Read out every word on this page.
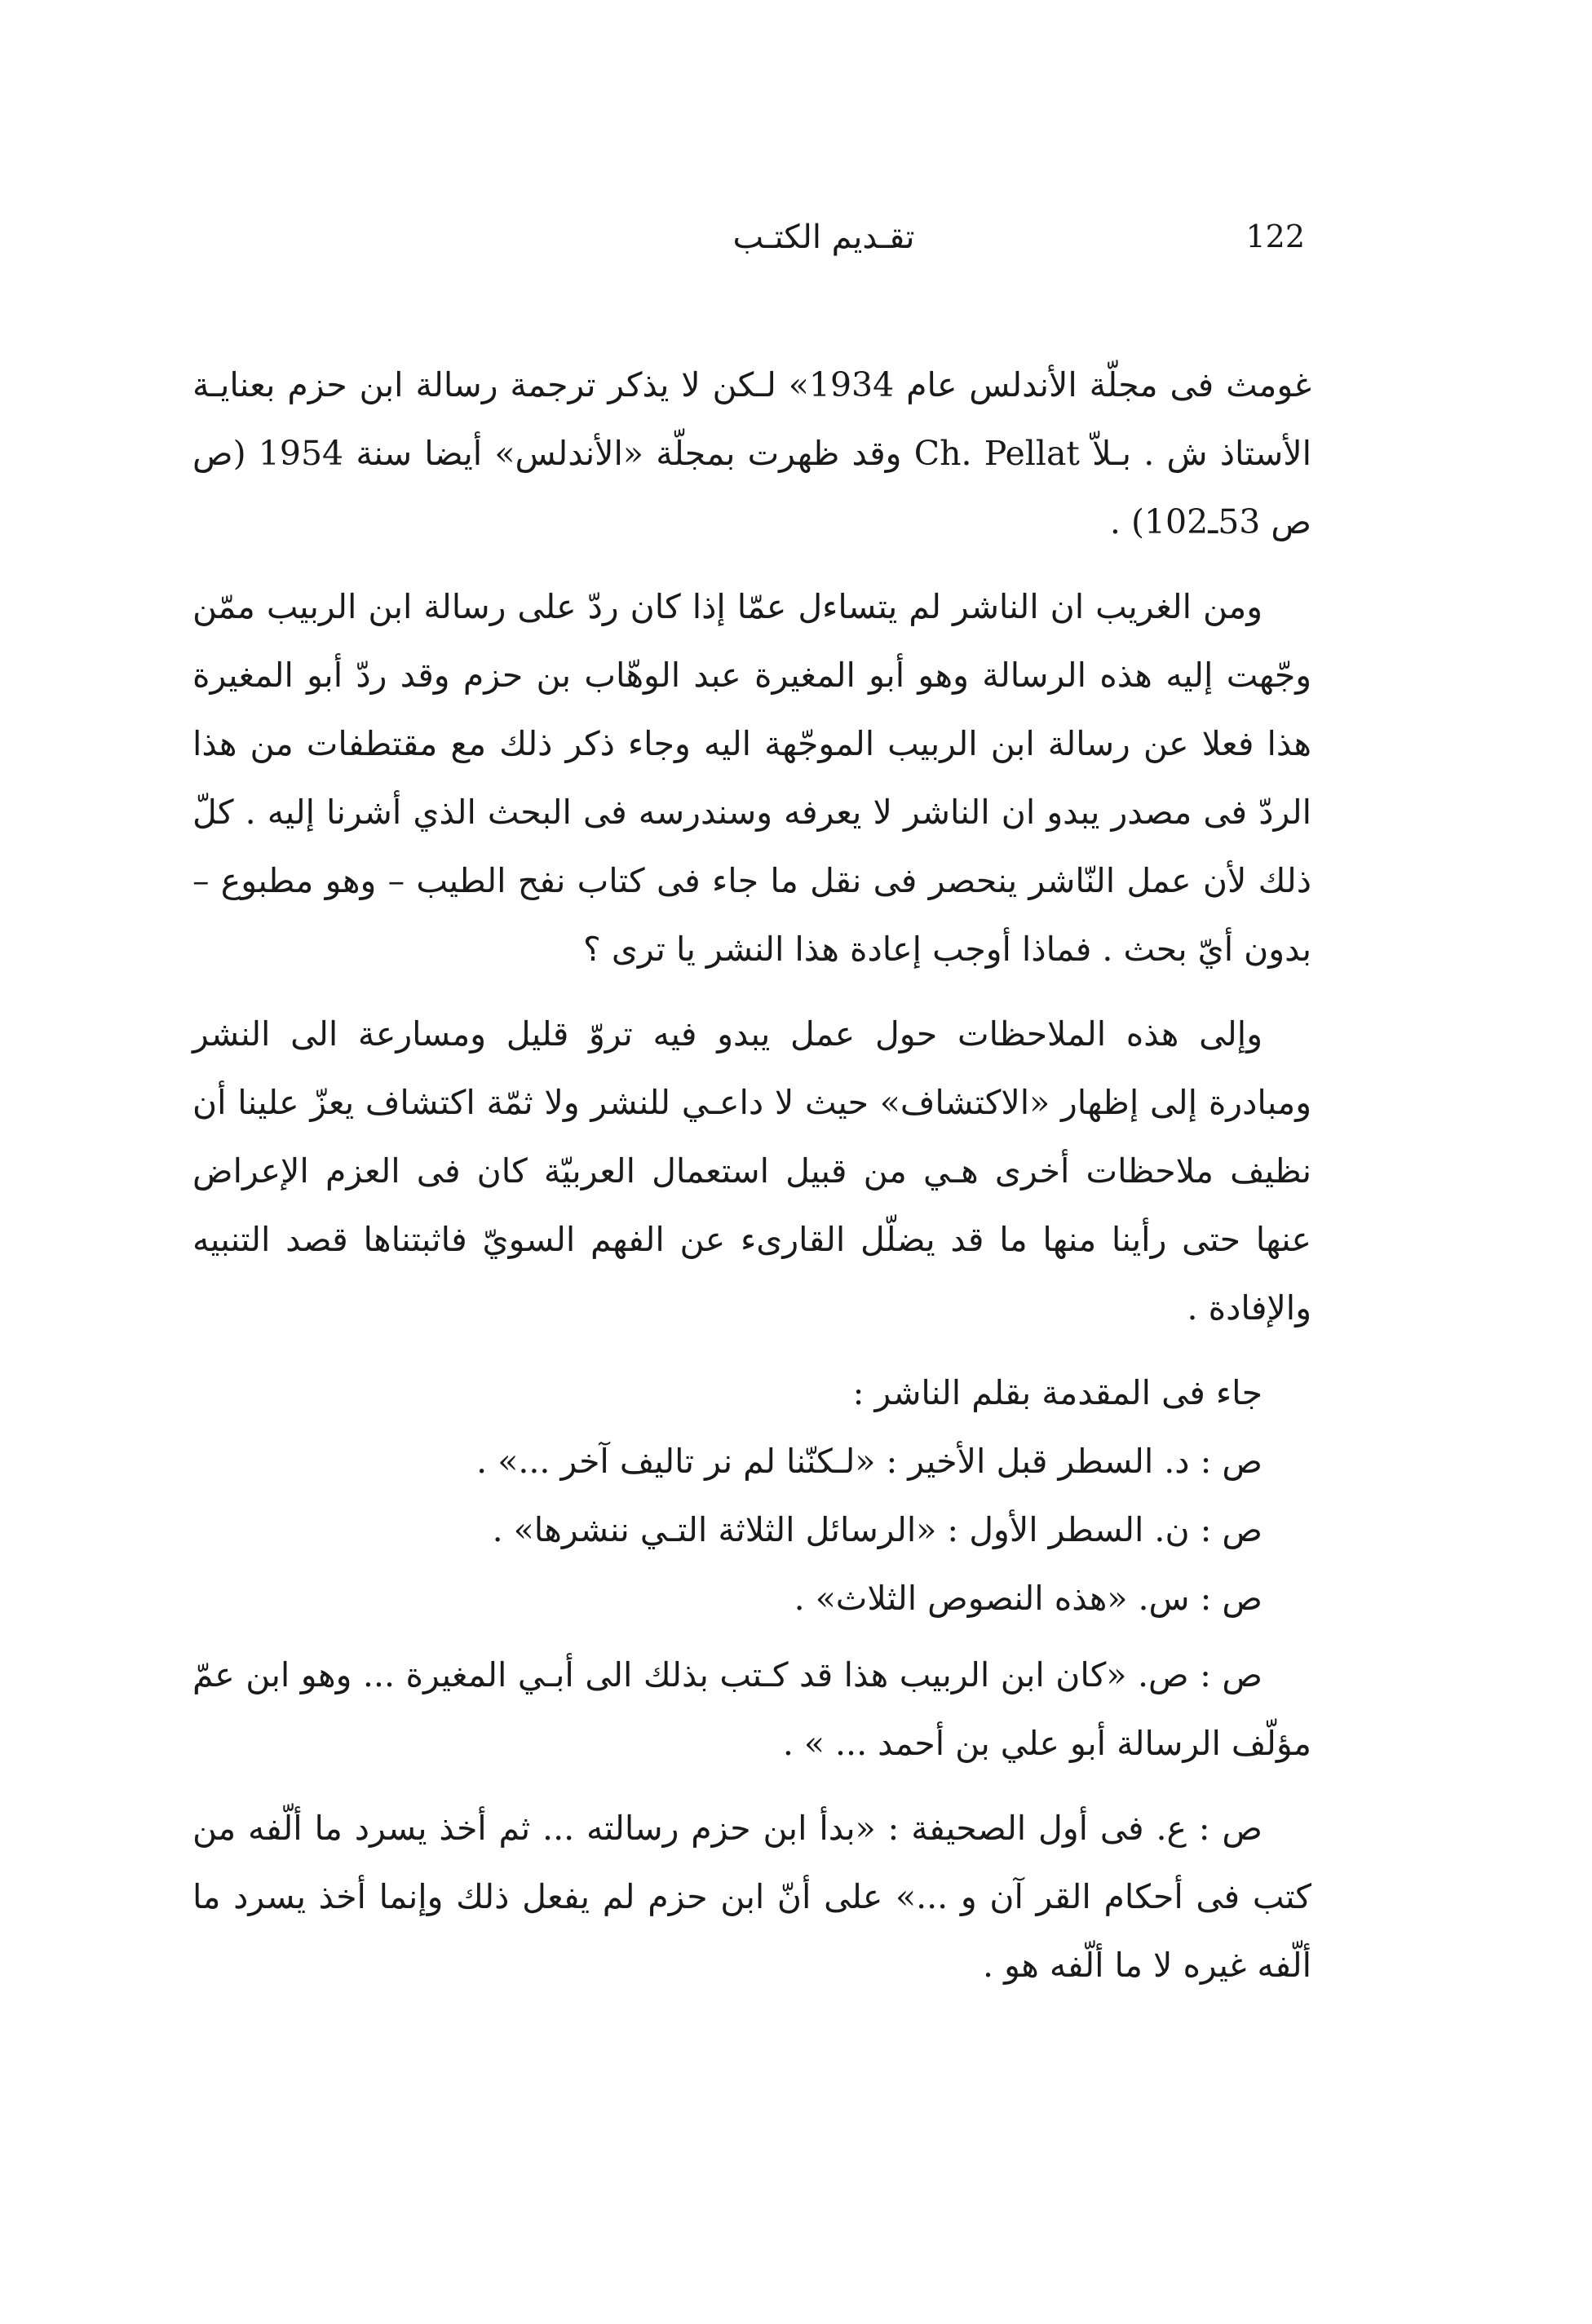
122
تقـديم الكتـب

غومث فى مجلّة الأندلس عام 1934» لـكن لا يذكر ترجمة رسالة ابن حزم بعنايـة الأستاذ ش . بـلاّ Ch. Pellat وقد ظهرت بمجلّة «الأندلس» أيضا سنة 1954 (ص ص 53ـ102) .

ومن الغريب ان الناشر لم يتساءل عمّا إذا كان ردّ على رسالة ابن الربيب ممّن وجّهت إليه هذه الرسالة وهو أبو المغيرة عبد الوهّاب بن حزم وقد ردّ أبو المغيرة هذا فعلا عن رسالة ابن الربيب الموجّهة اليه وجاء ذكر ذلك مع مقتطفات من هذا الردّ فى مصدر يبدو ان الناشر لا يعرفه وسندرسه فى البحث الذي أشرنا إليه . كلّ ذلك لأن عمل النّاشر ينحصر فى نقل ما جاء فى كتاب نفح الطيب – وهو مطبوع – بدون أيّ بحث . فماذا أوجب إعادة هذا النشر يا ترى ؟

وإلى هذه الملاحظات حول عمل يبدو فيه تروّ قليل ومسارعة الى النشر ومبادرة إلى إظهار «الاكتشاف» حيث لا داعـي للنشر ولا ثمّة اكتشاف يعزّ علينا أن نظيف ملاحظات أخرى هـي من قبيل استعمال العربيّة كان فى العزم الإعراض عنها حتى رأينا منها ما قد يضلّل القارىء عن الفهم السويّ فاثبتناها قصد التنبيه والإفادة .

جاء فى المقدمة بقلم الناشر :

ص : د. السطر قبل الأخير : «لـكنّنا لم نر تاليف آخر ...» .

ص : ن. السطر الأول : «الرسائل الثلاثة التـي ننشرها» .

ص : س. «هذه النصوص الثلاث» .

ص : ص. «كان ابن الربيب هذا قد كـتب بذلك الى أبـي المغيرة ... وهو ابن عمّ مؤلّف الرسالة أبو علي بن أحمد ... » .

ص : ع. فى أول الصحيفة : «بدأ ابن حزم رسالته ... ثم أخذ يسرد ما ألّفه من كتب فى أحكام القر آن و ...» على أنّ ابن حزم لم يفعل ذلك وإنما أخذ يسرد ما ألّفه غيره لا ما ألّفه هو .
